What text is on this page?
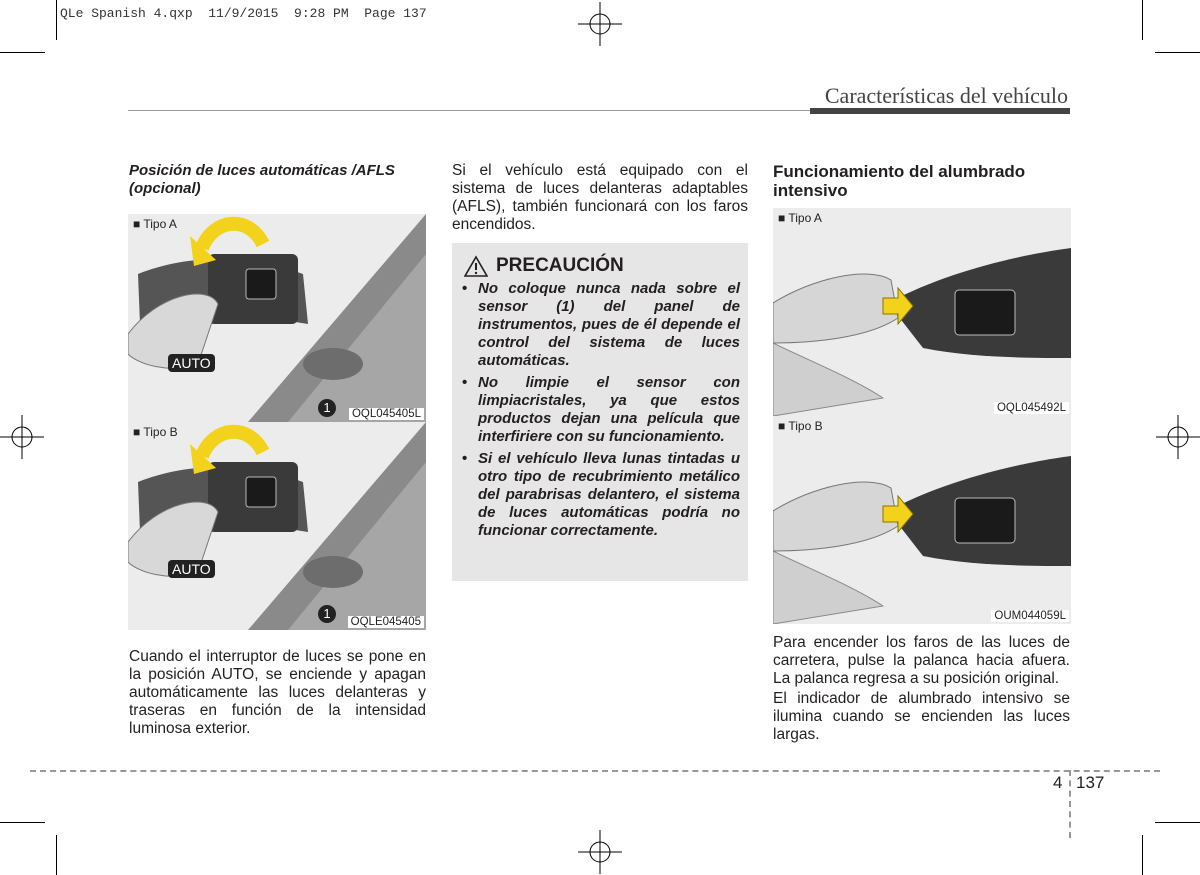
QLe Spanish 4.qxp  11/9/2015  9:28 PM  Page 137
Características del vehículo
Posición de luces automáticas /AFLS (opcional)
■ Tipo A
AUTO
1	OQL045405L
■ Tipo B
AUTO
1
OQLE045405
Cuando el interruptor de luces se pone en la posición AUTO, se enciende y apagan automáticamente las luces delanteras y traseras en función de la intensidad luminosa exterior.
Si el vehículo está equipado con el sistema de luces delanteras adaptables (AFLS), también funcionará con los faros encendidos.
PRECAUCIÓN
• No coloque nunca nada sobre el sensor (1) del panel de instrumentos, pues de él depende el control del sistema de luces automáticas.
• No limpie el sensor con limpiacristales, ya que estos productos dejan una película que interfiriere con su funcionamiento.
• Si el vehículo lleva lunas tintadas u otro tipo de recubrimiento metálico del parabrisas delantero, el sistema de luces automáticas podría no funcionar correctamente.
Funcionamiento del alumbrado intensivo
■ Tipo A
OQL045492L
■ Tipo B
OUM044059L
Para encender los faros de las luces de carretera, pulse la palanca hacia afuera. La palanca regresa a su posición original.
El indicador de alumbrado intensivo se ilumina cuando se encienden las luces largas.
4 137
